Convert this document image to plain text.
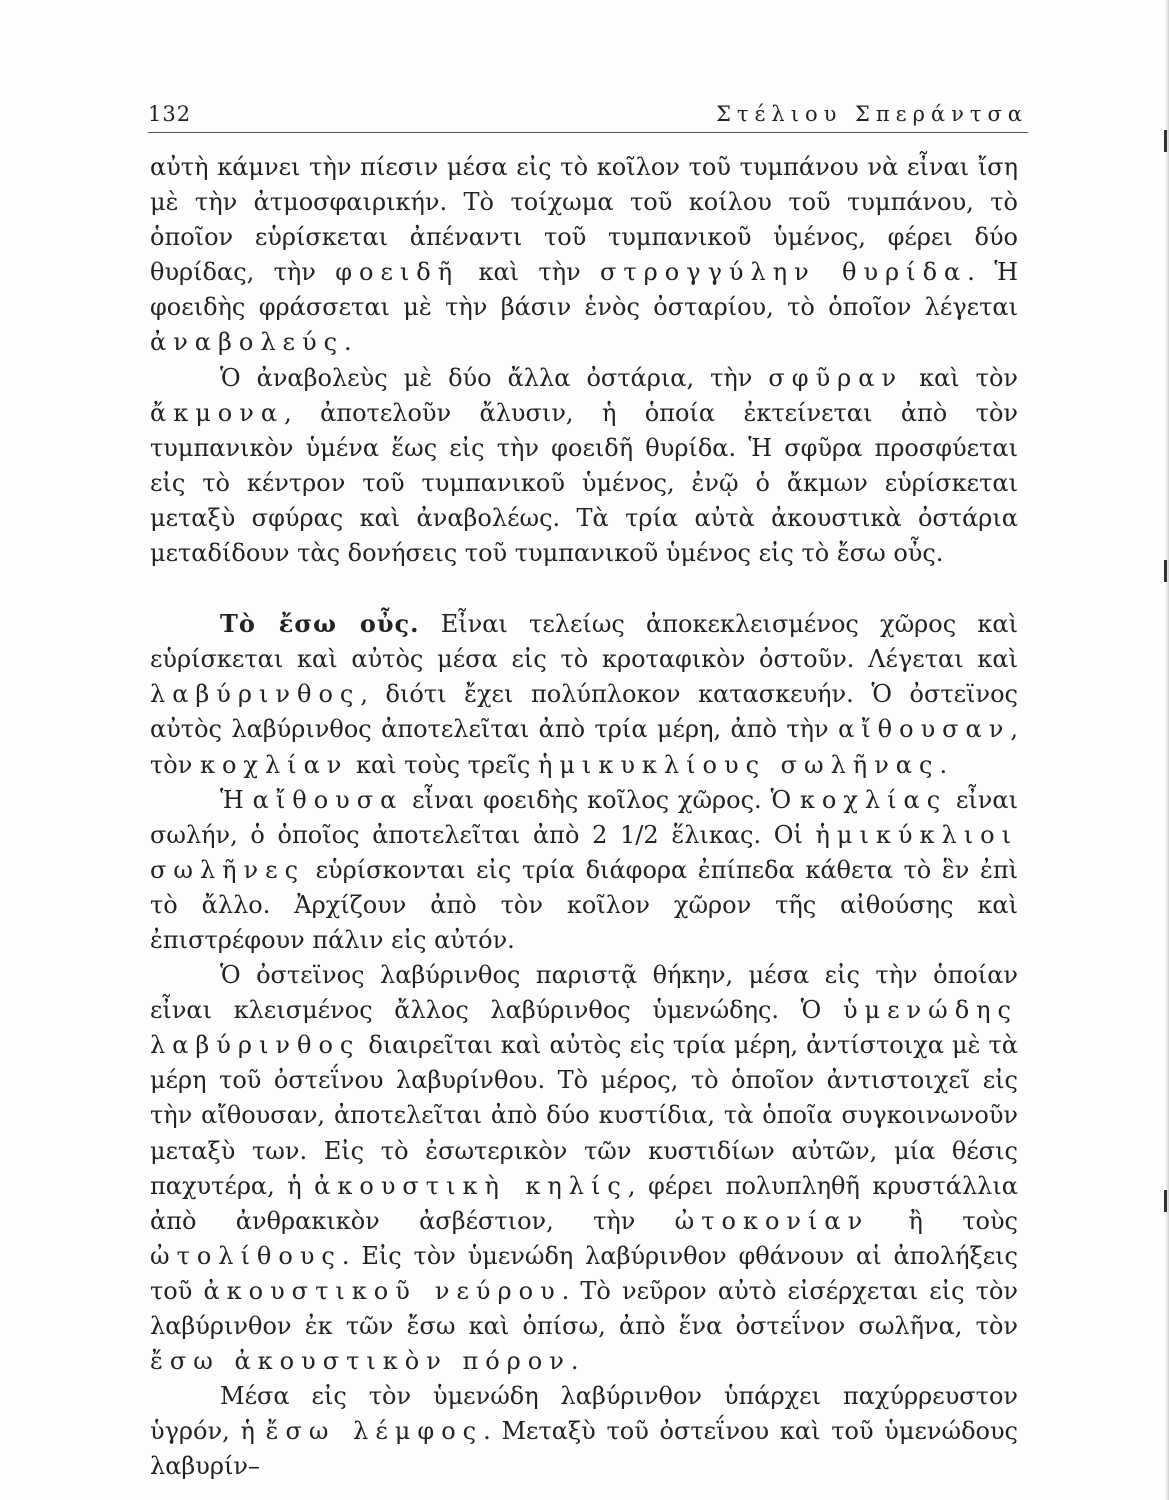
132	Στέλιου Σπεράντσα

αὐτὴ κάμνει τὴν πίεσιν μέσα εἰς τὸ κοῖλον τοῦ τυμπάνου νὰ εἶναι ἴση μὲ τὴν ἀτμοσφαιρικήν. Τὸ τοίχωμα τοῦ κοίλου τοῦ τυμπάνου, τὸ ὁποῖον εὑρίσκεται ἀπέναντι τοῦ τυμπανικοῦ ὑμένος, φέρει δύο θυρίδας, τὴν φοειδῆ καὶ τὴν στρογγύλην θυρίδα. Ἡ φοειδὴς φράσσεται μὲ τὴν βάσιν ἑνὸς ὀσταρίου, τὸ ὁποῖον λέγεται ἀναβολεύς.

Ὁ ἀναβολεὺς μὲ δύο ἄλλα ὀστάρια, τὴν σφῦραν καὶ τὸν ἄκμονα, ἀποτελοῦν ἄλυσιν, ἡ ὁποία ἐκτείνεται ἀπὸ τὸν τυμπανικὸν ὑμένα ἕως εἰς τὴν φοειδῆ θυρίδα. Ἡ σφῦρα προσφύεται εἰς τὸ κέντρον τοῦ τυμπανικοῦ ὑμένος, ἐνῷ ὁ ἄκμων εὑρίσκεται μεταξὺ σφύρας καὶ ἀναβολέως. Τὰ τρία αὐτὰ ἀκουστικὰ ὀστάρια μεταδίδουν τὰς δονήσεις τοῦ τυμπανικοῦ ὑμένος εἰς τὸ ἔσω οὖς.

Τὸ ἔσω οὖς. Εἶναι τελείως ἀποκεκλεισμένος χῶρος καὶ εὑρίσκεται καὶ αὐτὸς μέσα εἰς τὸ κροταφικὸν ὀστοῦν. Λέγεται καὶ λαβύρινθος, διότι ἔχει πολύπλοκον κατασκευήν. Ὁ ὀστεϊνος αὐτὸς λαβύρινθος ἀποτελεῖται ἀπὸ τρία μέρη, ἀπὸ τὴν αἴθουσαν, τὸν κοχλίαν καὶ τοὺς τρεῖς ἡμικυκλίους σωλῆνας.

Ἡ αἴθουσα εἶναι φοειδὴς κοῖλος χῶρος. Ὁ κοχλίας εἶναι σωλήν, ὁ ὁποῖος ἀποτελεῖται ἀπὸ 2 1/2 ἕλικας. Οἱ ἡμικύκλιοι σωλῆνες εὑρίσκονται εἰς τρία διάφορα ἐπίπεδα κάθετα τὸ ἓν ἐπὶ τὸ ἄλλο. Ἀρχίζουν ἀπὸ τὸν κοῖλον χῶρον τῆς αἰθούσης καὶ ἐπιστρέφουν πάλιν εἰς αὐτόν.

Ὁ ὀστεϊνος λαβύρινθος παριστᾷ θήκην, μέσα εἰς τὴν ὁποίαν εἶναι κλεισμένος ἄλλος λαβύρινθος ὑμενώδης. Ὁ ὑμενώδης λαβύρινθος διαιρεῖται καὶ αὐτὸς εἰς τρία μέρη, ἀντίστοιχα μὲ τὰ μέρη τοῦ ὀστεΐνου λαβυρίνθου. Τὸ μέρος, τὸ ὁποῖον ἀντιστοιχεῖ εἰς τὴν αἴθουσαν, ἀποτελεῖται ἀπὸ δύο κυστίδια, τὰ ὁποῖα συγκοινωνοῦν μεταξὺ των. Εἰς τὸ ἐσωτερικὸν τῶν κυστιδίων αὐτῶν, μία θέσις παχυτέρα, ἡ ἀκουστικὴ κηλίς, φέρει πολυπληθῆ κρυστάλλια ἀπὸ ἀνθρακικὸν ἀσβέστιον, τὴν ὠτοκονίαν ἢ τοὺς ὠτολίθους. Εἰς τὸν ὑμενώδη λαβύρινθον φθάνουν αἱ ἀπολήξεις τοῦ ἀκουστικοῦ νεύρου. Τὸ νεῦρον αὐτὸ εἰσέρχεται εἰς τὸν λαβύρινθον ἐκ τῶν ἔσω καὶ ὀπίσω, ἀπὸ ἕνα ὀστεΐνον σωλῆνα, τὸν ἔσω ἀκουστικὸν πόρον.

Μέσα εἰς τὸν ὑμενώδη λαβύρινθον ὑπάρχει παχύρρευστον ὑγρόν, ἡ ἔσω λέμφος. Μεταξὺ τοῦ ὀστεΐνου καὶ τοῦ ὑμενώδους λαβυρίν–
